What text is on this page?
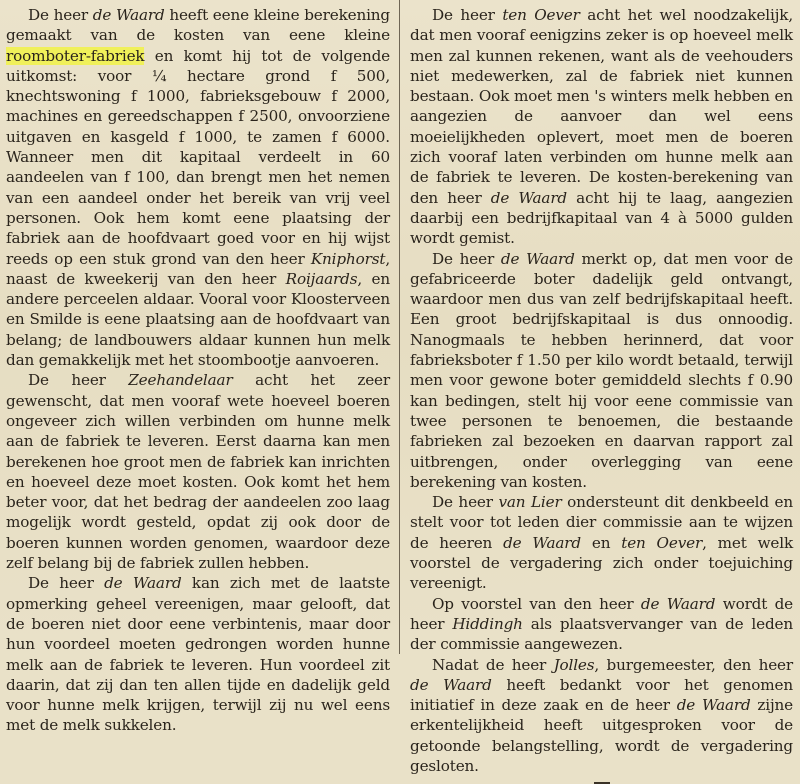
De heer de Waard heeft eene kleine berekening gemaakt van de kosten van eene kleine roomboter-fabriek en komt hij tot de volgende uitkomst: voor ¼ hectare grond f 500, knechtswoning f 1000, fabrieksgebouw f 2000, machines en gereedschappen f 2500, onvoorziene uitgaven en kasgeld f 1000, te zamen f 6000. Wanneer men dit kapitaal verdeelt in 60 aandeelen van f 100, dan brengt men het nemen van een aandeel onder het bereik van vrij veel personen. Ook hem komt eene plaatsing der fabriek aan de hoofdvaart goed voor en hij wijst reeds op een stuk grond van den heer Kniphorst, naast de kweekerij van den heer Roijaards, en andere perceelen aldaar. Vooral voor Kloosterveen en Smilde is eene plaatsing aan de hoofdvaart van belang; de landbouwers aldaar kunnen hun melk dan gemakkelijk met het stoombootje aanvoeren.

De heer Zeehandelaar acht het zeer gewenscht, dat men vooraf wete hoeveel boeren ongeveer zich willen verbinden om hunne melk aan de fabriek te leveren. Eerst daarna kan men berekenen hoe groot men de fabriek kan inrichten en hoeveel deze moet kosten. Ook komt het hem beter voor, dat het bedrag der aandeelen zoo laag mogelijk wordt gesteld, opdat zij ook door de boeren kunnen worden genomen, waardoor deze zelf belang bij de fabriek zullen hebben.

De heer de Waard kan zich met de laatste opmerking geheel vereenigen, maar gelooft, dat de boeren niet door eene verbintenis, maar door hun voordeel moeten gedrongen worden hunne melk aan de fabriek te leveren. Hun voordeel zit daarin, dat zij dan ten allen tijde en dadelijk geld voor hunne melk krijgen, terwijl zij nu wel eens met de melk sukkelen.

De heer ten Oever acht het wel noodzakelijk, dat men vooraf eenigzins zeker is op hoeveel melk men zal kunnen rekenen, want als de veehouders niet medewerken, zal de fabriek niet kunnen bestaan. Ook moet men 's winters melk hebben en aangezien de aanvoer dan wel eens moeielijkheden oplevert, moet men de boeren zich vooraf laten verbinden om hunne melk aan de fabriek te leveren. De kosten-berekening van den heer de Waard acht hij te laag, aangezien daarbij een bedrijfkapitaal van 4 à 5000 gulden wordt gemist.

De heer de Waard merkt op, dat men voor de gefabriceerde boter dadelijk geld ontvangt, waardoor men dus van zelf bedrijfskapitaal heeft. Een groot bedrijfskapitaal is dus onnoodig. Nanogmaals te hebben herinnerd, dat voor fabrieksboter f 1.50 per kilo wordt betaald, terwijl men voor gewone boter gemiddeld slechts f 0.90 kan bedingen, stelt hij voor eene commissie van twee personen te benoemen, die bestaande fabrieken zal bezoeken en daarvan rapport zal uitbrengen, onder overlegging van eene berekening van kosten.

De heer van Lier ondersteunt dit denkbeeld en stelt voor tot leden dier commissie aan te wijzen de heeren de Waard en ten Oever, met welk voorstel de vergadering zich onder toejuiching vereenigt.

Op voorstel van den heer de Waard wordt de heer Hiddingh als plaatsvervanger van de leden der commissie aangewezen.

Nadat de heer Jolles, burgemeester, den heer de Waard heeft bedankt voor het genomen initiatief in deze zaak en de heer de Waard zijne erkentelijkheid heeft uitgesproken voor de getoonde belangstelling, wordt de vergadering gesloten.
